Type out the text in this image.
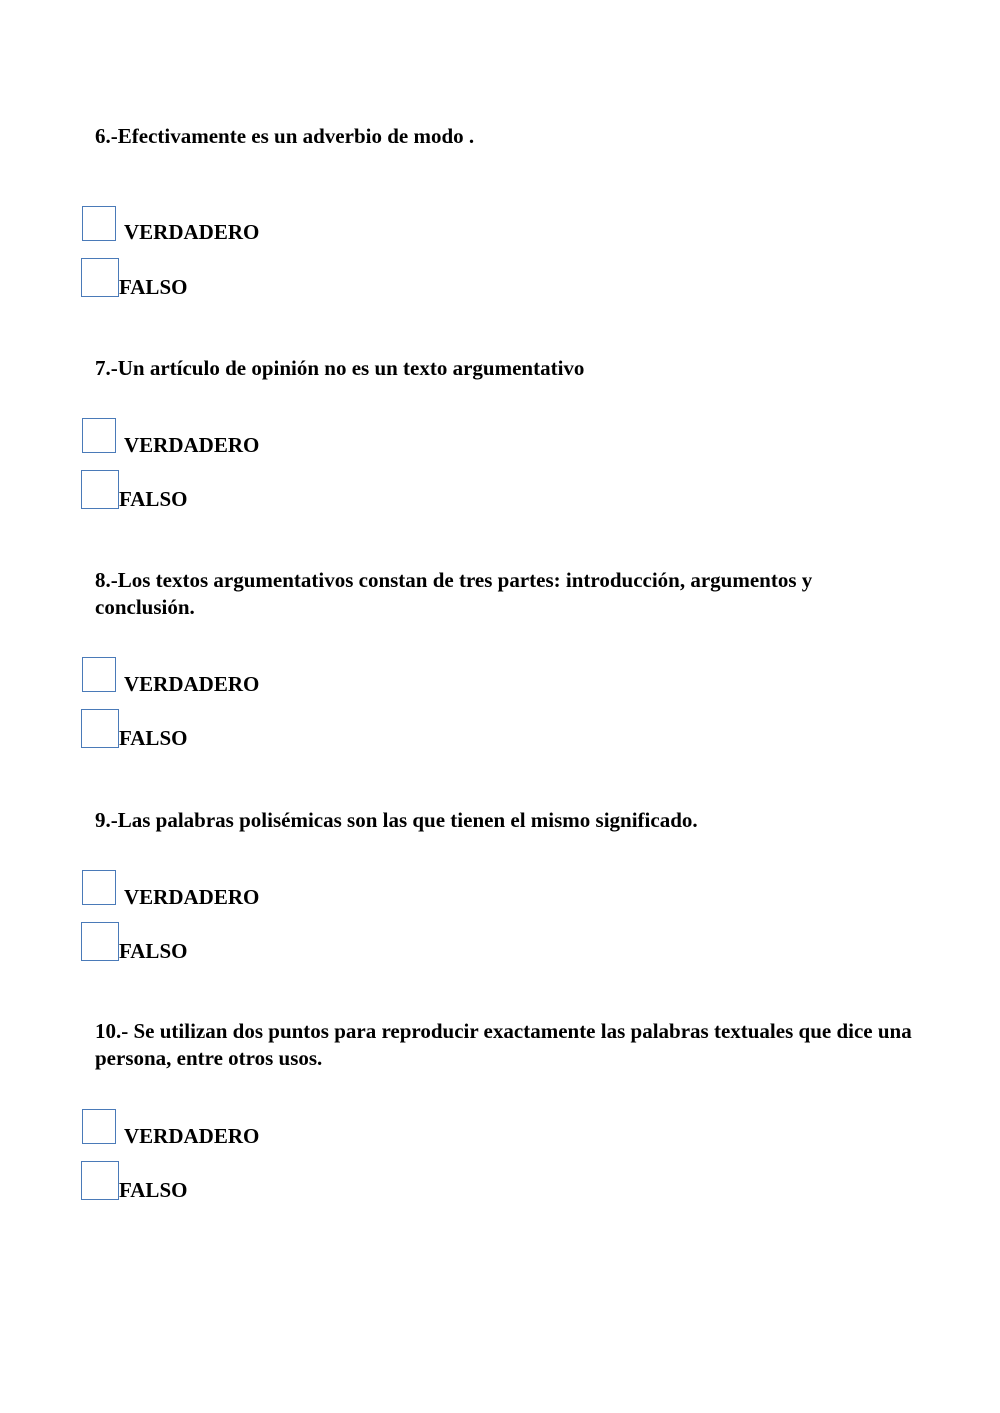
6.-Efectivamente es un adverbio de modo .
VERDADERO
FALSO
7.-Un artículo de opinión no es un texto argumentativo
VERDADERO
FALSO
8.-Los textos argumentativos constan de tres partes: introducción, argumentos y conclusión.
VERDADERO
FALSO
9.-Las palabras polisémicas son las que tienen el mismo significado.
VERDADERO
FALSO
10.- Se utilizan dos puntos para reproducir exactamente las palabras textuales que dice una persona, entre otros usos.
VERDADERO
FALSO
